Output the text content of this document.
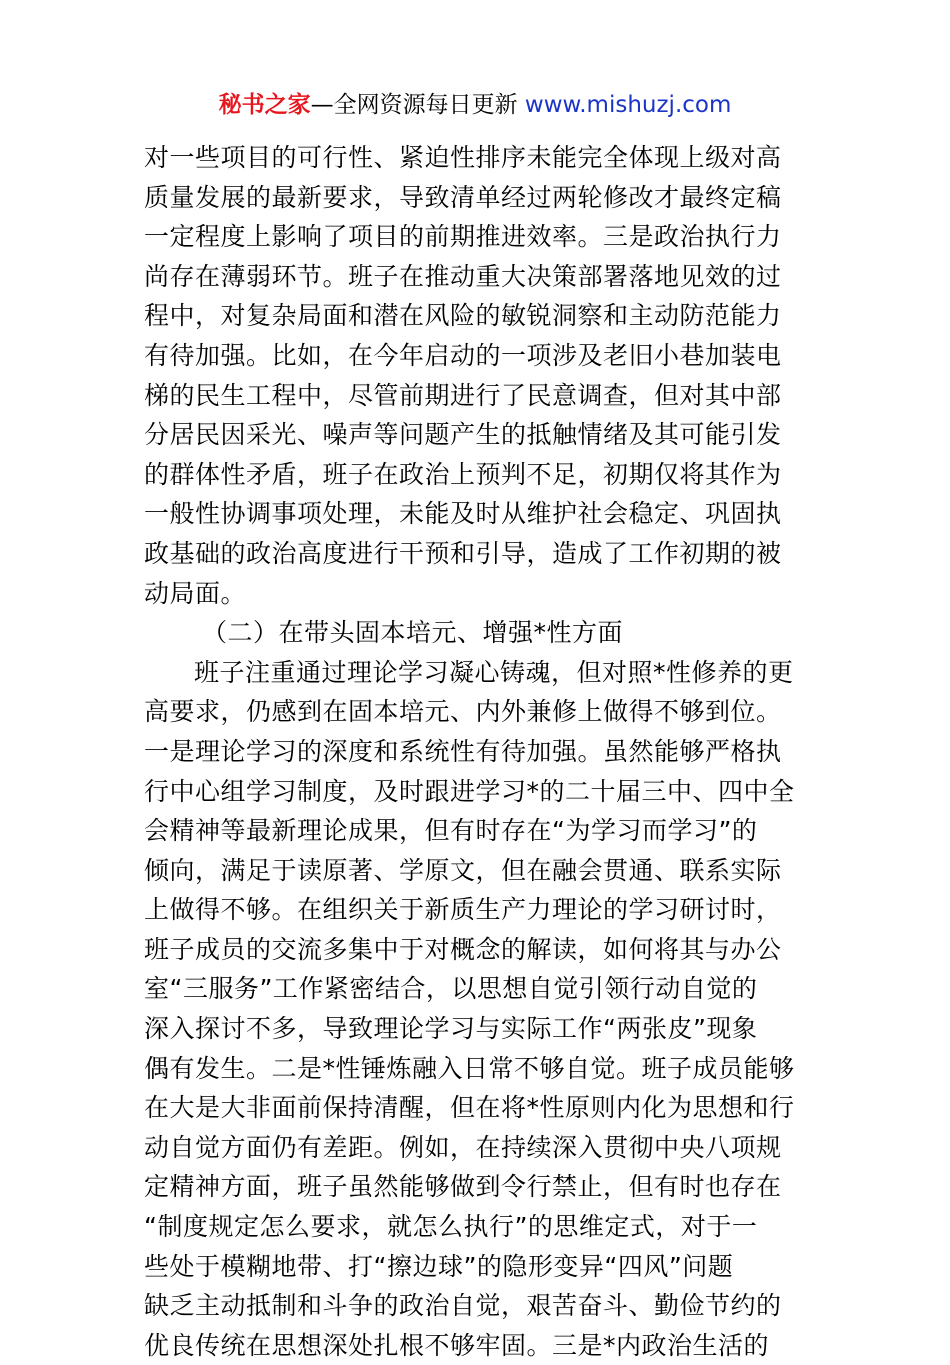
秘书之家—全网资源每日更新 www.mishuzj.com
对一些项目的可行性、紧迫性排序未能完全体现上级对高
质量发展的最新要求，导致清单经过两轮修改才最终定稿
一定程度上影响了项目的前期推进效率。三是政治执行力
尚存在薄弱环节。班子在推动重大决策部署落地见效的过
程中，对复杂局面和潜在风险的敏锐洞察和主动防范能力
有待加强。比如，在今年启动的一项涉及老旧小巷加装电
梯的民生工程中，尽管前期进行了民意调查，但对其中部
分居民因采光、噪声等问题产生的抵触情绪及其可能引发
的群体性矛盾，班子在政治上预判不足，初期仅将其作为
一般性协调事项处理，未能及时从维护社会稳定、巩固执
政基础的政治高度进行干预和引导，造成了工作初期的被
动局面。
（二）在带头固本培元、增强*性方面
班子注重通过理论学习凝心铸魂，但对照*性修养的更
高要求，仍感到在固本培元、内外兼修上做得不够到位。
一是理论学习的深度和系统性有待加强。虽然能够严格执
行中心组学习制度，及时跟进学习*的二十届三中、四中全
会精神等最新理论成果，但有时存在“为学习而学习”的
倾向，满足于读原著、学原文，但在融会贯通、联系实际
上做得不够。在组织关于新质生产力理论的学习研讨时，
班子成员的交流多集中于对概念的解读，如何将其与办公
室“三服务”工作紧密结合，以思想自觉引领行动自觉的
深入探讨不多，导致理论学习与实际工作“两张皮”现象
偶有发生。二是*性锤炼融入日常不够自觉。班子成员能够
在大是大非面前保持清醒，但在将*性原则内化为思想和行
动自觉方面仍有差距。例如，在持续深入贯彻中央八项规
定精神方面，班子虽然能够做到令行禁止，但有时也存在
“制度规定怎么要求，就怎么执行”的思维定式，对于一
些处于模糊地带、打“擦边球”的隐形变异“四风”问题
缺乏主动抵制和斗争的政治自觉，艰苦奋斗、勤俭节约的
优良传统在思想深处扎根不够牢固。三是*内政治生活的
